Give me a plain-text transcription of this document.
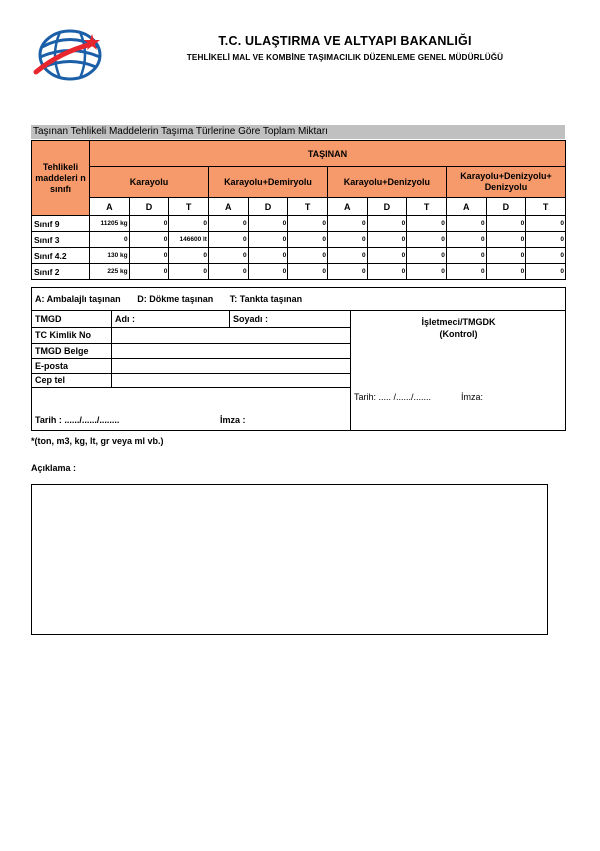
T.C. ULAŞTIRMA VE ALTYAPI BAKANLIĞI
TEHLİKELİ MAL VE KOMBİNE TAŞIMACILIK DÜZENLEME GENEL MÜDÜRLÜĞÜ
Taşınan Tehlikeli Maddelerin Taşıma Türlerine Göre Toplam Miktarı
Tehlikeli maddeleri n sınıfı	TAŞINAN											
	Karayolu			Karayolu+Demiryolu			Karayolu+Denizyolu			Karayolu+Denizyolu+ Denizyolu		
	A	D	T	A	D	T	A	D	T	A	D	T
Sınıf 9	11205 kg	0	0	0	0	0	0	0	0	0	0	0
Sınıf 3	0	0	146600 lt	0	0	0	0	0	0	0	0	0
Sınıf 4.2	130 kg	0	0	0	0	0	0	0	0	0	0	0
Sınıf 2	225 kg	0	0	0	0	0	0	0	0	0	0	0
A: Ambalajlı taşınan D: Dökme taşınan T: Tankta taşınan
TMGD	Adı :	Soyadı :
TC Kimlik No
TMGD Belge
E-posta
Cep tel
Tarih : ....../....../........	İmza :
İşletmeci/TMGDK
(Kontrol)
Tarih: ..... /....../.......	İmza:
*(ton, m3, kg, lt, gr veya ml vb.)
Açıklama :
